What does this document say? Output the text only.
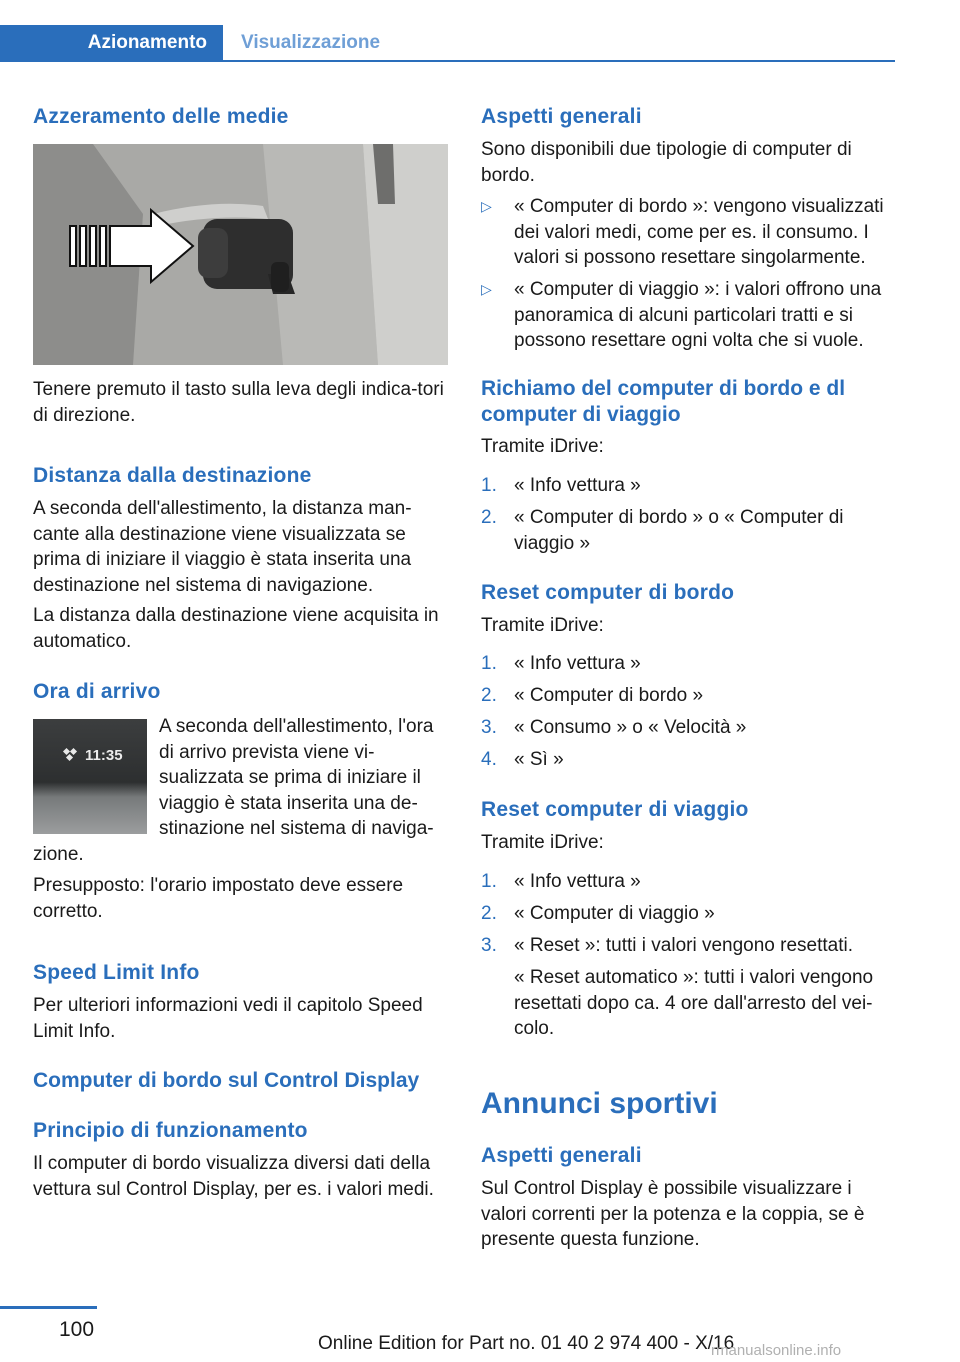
Azionamento	Visualizzazione
Azzeramento delle medie
Tenere premuto il tasto sulla leva degli indica-tori di direzione.
Distanza dalla destinazione
A seconda dell'allestimento, la distanza man-cante alla destinazione viene visualizzata se prima di iniziare il viaggio è stata inserita una destinazione nel sistema di navigazione.
La distanza dalla destinazione viene acquisita in automatico.
Ora di arrivo
11:35
A seconda dell'allestimento, l'ora di arrivo prevista viene vi-sualizzata se prima di iniziare il viaggio è stata inserita una de-stinazione nel sistema di naviga-
zione.
Presupposto: l'orario impostato deve essere corretto.
Speed Limit Info
Per ulteriori informazioni vedi il capitolo Speed Limit Info.
Computer di bordo sul Control Display
Principio di funzionamento
Il computer di bordo visualizza diversi dati della vettura sul Control Display, per es. i valori medi.
Aspetti generali
Sono disponibili due tipologie di computer di bordo.
▷ « Computer di bordo »: vengono visualizzati dei valori medi, come per es. il consumo. I valori si possono resettare singolarmente.
▷ « Computer di viaggio »: i valori offrono una panoramica di alcuni particolari tratti e si possono resettare ogni volta che si vuole.
Richiamo del computer di bordo e dl computer di viaggio
Tramite iDrive:
1. « Info vettura »
2. « Computer di bordo » o « Computer di viaggio »
Reset computer di bordo
Tramite iDrive:
1. « Info vettura »
2. « Computer di bordo »
3. « Consumo » o « Velocità »
4. « Sì »
Reset computer di viaggio
Tramite iDrive:
1. « Info vettura »
2. « Computer di viaggio »
3. « Reset »: tutti i valori vengono resettati.
« Reset automatico »: tutti i valori vengono resettati dopo ca. 4 ore dall'arresto del vei-colo.
Annunci sportivi
Aspetti generali
Sul Control Display è possibile visualizzare i valori correnti per la potenza e la coppia, se è presente questa funzione.
100
Online Edition for Part no. 01 40 2 974 400 - X/16
rmanualsonline.info
